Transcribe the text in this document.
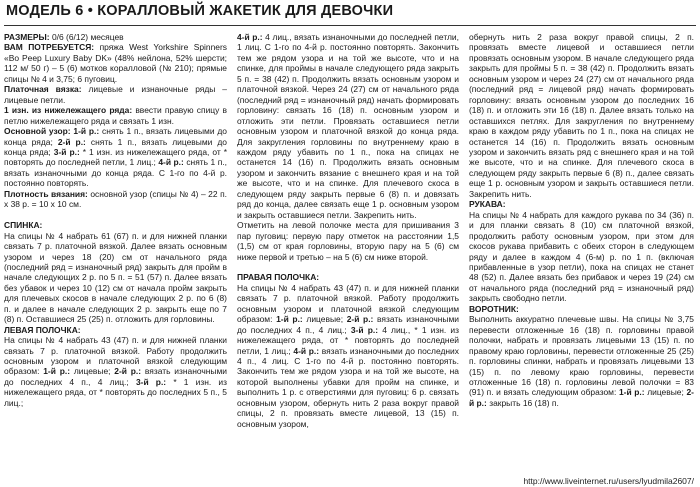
МОДЕЛЬ 6 • КОРАЛЛОВЫЙ ЖАКЕТИК ДЛЯ ДЕВОЧКИ

РАЗМЕРЫ: 0/6 (6/12) месяцев

ВАМ ПОТРЕБУЕТСЯ: пряжа West Yorkshire Spinners «Bo Peep Luxury Baby DK» (48% нейлона, 52% шерсти; 112 м/ 50 г) – 5 (6) мотков коралловой (№ 210); прямые спицы № 4 и 3,75; 6 пуговиц.

Платочная вязка: лицевые и изнаночные ряды – лицевые петли.

1 изн. из нижележащего ряда: ввести правую спицу в петлю нижележащего ряда и связать 1 изн.

Основной узор: 1-й р.: снять 1 п., вязать лицевыми до конца ряда; 2-й р.: снять 1 п., вязать лицевыми до конца ряда; 3-й р.: * 1 изн. из нижележащего ряда, от * повторять до последней петли, 1 лиц.; 4-й р.: снять 1 п., вязать изнаночными до конца ряда. С 1-го по 4-й р. постоянно повторять.

Плотность вязания: основной узор (спицы № 4) – 22 п. x 38 р. = 10 x 10 см.

СПИНКА:

На спицы № 4 набрать 61 (67) п. и для нижней планки связать 7 р. платочной вязкой. Далее вязать основным узором и через 18 (20) см от начального ряда (последний ряд = изнаночный ряд) закрыть для пройм в начале следующих 2 р. по 5 п. = 51 (57) п. Далее вязать без убавок и через 10 (12) см от начала пройм закрыть для плечевых скосов в начале следующих 2 р. по 6 (8) п. и далее в начале следующих 2 р. закрыть еще по 7 (8) п. Оставшиеся 25 (25) п. отложить для горловины.

ЛЕВАЯ ПОЛОЧКА:

На спицы № 4 набрать 43 (47) п. и для нижней планки связать 7 р. платочной вязкой. Работу продолжить основным узором и платочной вязкой следующим образом: 1-й р.: лицевые; 2-й р.: вязать изнаночными до последних 4 п., 4 лиц.; 3-й р.: * 1 изн. из нижележащего ряда, от * повторять до последних 5 п., 5 лиц.;

4-й р.: 4 лиц., вязать изнаночными до последней петли, 1 лиц. С 1-го по 4-й р. постоянно повторять. Закончить тем же рядом узора и на той же высоте, что и на спинке, для проймы в начале следующего ряда закрыть 5 п. = 38 (42) п. Продолжить вязать основным узором и платочной вязкой. Через 24 (27) см от начального ряда (последний ряд = изнаночный ряд) начать формировать горловину: связать 16 (18) п. основным узором и отложить эти петли. Провязать оставшиеся петли основным узором и платочной вязкой до конца ряда. Для закругления горловины по внутреннему краю в каждом ряду убавить по 1 п., пока на спицах не останется 14 (16) п. Продолжить вязать основным узором и закончить вязание с внешнего края и на той же высоте, что и на спинке. Для плечевого скоса в следующем ряду закрыть первые 6 (8) п. и довязать ряд до конца, далее связать еще 1 р. основным узором и закрыть оставшиеся петли. Закрепить нить.

Отметить на левой полочке места для пришивания 3 пар пуговиц: первую пару отметок на расстоянии 1,5 (1,5) см от края горловины, вторую пару на 5 (6) см ниже первой и третью – на 5 (6) см ниже второй.

ПРАВАЯ ПОЛОЧКА:

На спицы № 4 набрать 43 (47) п. и для нижней планки связать 7 р. платочной вязкой. Работу продолжить основным узором и платочной вязкой следующим образом: 1-й р.: лицевые; 2-й р.: вязать изнаночными до последних 4 п., 4 лиц.; 3-й р.: 4 лиц., * 1 изн. из нижележащего ряда, от * повторять до последней петли, 1 лиц.; 4-й р.: вязать изнаночными до последних 4 п., 4 лиц. С 1-го по 4-й р. постоянно повторять. Закончить тем же рядом узора и на той же высоте, на которой выполнены убавки для пройм на спинке, и выполнить 1 р. с отверстиями для пуговиц: 6 р. связать основным узором, обернуть нить 2 раза вокруг правой спицы, 2 п. провязать вместе лицевой, 13 (15) п. основным узором,

обернуть нить 2 раза вокруг правой спицы, 2 п. провязать вместе лицевой и оставшиеся петли провязать основным узором. В начале следующего ряда закрыть для проймы 5 п. = 38 (42) п. Продолжить вязать основным узором и через 24 (27) см от начального ряда (последний ряд = лицевой ряд) начать формировать горловину: вязать основным узором до последних 16 (18) п. и отложить эти 16 (18) п. Далее вязать только на оставшихся петлях. Для закругления по внутреннему краю в каждом ряду убавить по 1 п., пока на спицах не останется 14 (16) п. Продолжить вязать основным узором и закончить вязать ряд с внешнего края и на той же высоте, что и на спинке. Для плечевого скоса в следующем ряду закрыть первые 6 (8) п., далее связать еще 1 р. основным узором и закрыть оставшиеся петли. Закрепить нить.

РУКАВА:

На спицы № 4 набрать для каждого рукава по 34 (36) п. и для планки связать 8 (10) см платочной вязкой, продолжить работу основным узором, при этом для скосов рукава прибавить с обеих сторон в следующем ряду и далее в каждом 4 (6-м) р. по 1 п. (включая прибавленные в узор петли), пока на спицах не станет 48 (52) п. Далее вязать без прибавок и через 19 (24) см от начального ряда (последний ряд = изнаночный ряд) закрыть свободно петли.

ВОРОТНИК:

Выполнить аккуратно плечевые швы. На спицы № 3,75 перевести отложенные 16 (18) п. горловины правой полочки, набрать и провязать лицевыми 13 (15) п. по правому краю горловины, перевести отложенные 25 (25) п. горловины спинки, набрать и провязать лицевыми 13 (15) п. по левому краю горловины, перевести отложенные 16 (18) п. горловины левой полочки = 83 (91) п. и вязать следующим образом: 1-й р.: лицевые; 2-й р.: закрыть 16 (18) п.

http://www.liveinternet.ru/users/lyudmila2607/
